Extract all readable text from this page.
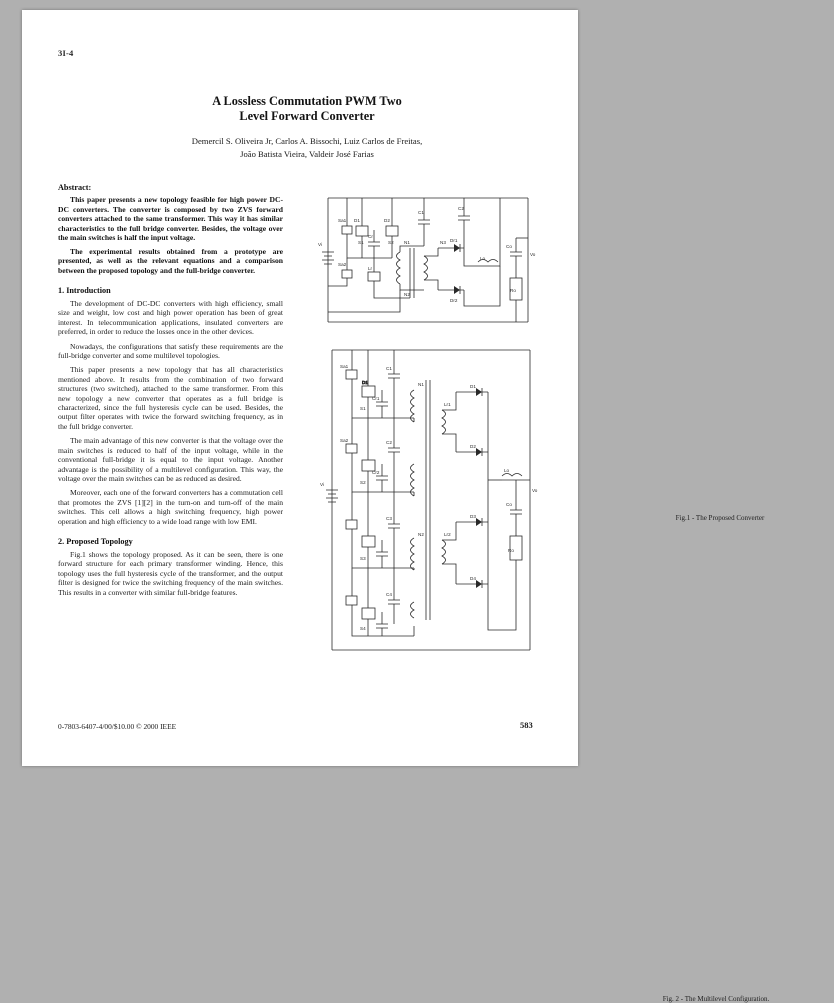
3I-4
A Lossless Commutation PWM Two
Level Forward Converter
Demercil S. Oliveira Jr, Carlos A. Bissochi, Luiz Carlos de Freitas,
João Batista Vieira, Valdeir José Farias
Abstract:

This paper presents a new topology feasible for high power DC-DC converters. The converter is composed by two ZVS forward converters attached to the same transformer. This way it has similar characteristics to the full bridge converter. Besides, the voltage over the main switches is half the input voltage.

The experimental results obtained from a prototype are presented, as well as the relevant equations and a comparison between the proposed topology and the full-bridge converter.

1. Introduction

The development of DC-DC converters with high efficiency, small size and weight, low cost and high power operation has been of great interest. In telecommunication applications, insulated converters are preferred, in order to reduce the losses once in the other devices.

Nowadays, the configurations that satisfy these requirements are the full-bridge converter and some multilevel topologies.

This paper presents a new topology that has all characteristics mentioned above. It results from the combination of two forward structures (two switched), attached to the same transformer. From this new topology a new converter that operates as a full bridge is characterized, since the full hysteresis cycle can be used. Besides, the output filter operates with twice the forward switching frequency, as in the full bridge converter.

The main advantage of this new converter is that the voltage over the main switches is reduced to half of the input voltage, while in the conventional full-bridge it is equal to the input voltage. Another advantage is the possibility of a multilevel configuration. This way, the voltage over the main switches can be as reduced as desired.

Moreover, each one of the forward converters has a commutation cell that promotes the ZVS [1][2] in the turn-on and turn-off of the main switches. This cell allows a high switching frequency, high power operation and high efficiency to a wide load range with low EMI.

2. Proposed Topology

Fig.1 shows the topology proposed. As it can be seen, there is one forward structure for each primary transformer winding. Hence, this topology uses the full hysteresis cycle of the transformer, and the output filter is designed for twice the switching frequency of the main switches. This results in a converter with similar full-bridge features.

D1	D2
Sa1
Sa2
C1
C2
Cr
Lr
N1
N2
N3 Dr1
Dr2
Lo
Co
Ro
Vi
Vo
S1	S2
Fig.1 - The Proposed Converter
D1
Vi
Vo
S1
S2
S3
S4
C1
C2
C3
C4
Cr1
Cr2
Sa1
Sa2
N1
N2
Lr1
Lr2
D1
D2
D3
D4
Lo
Co
Ro
Fig. 2 - The Multilevel Configuration.
0-7803-6407-4/00/$10.00 © 2000 IEEE	583
